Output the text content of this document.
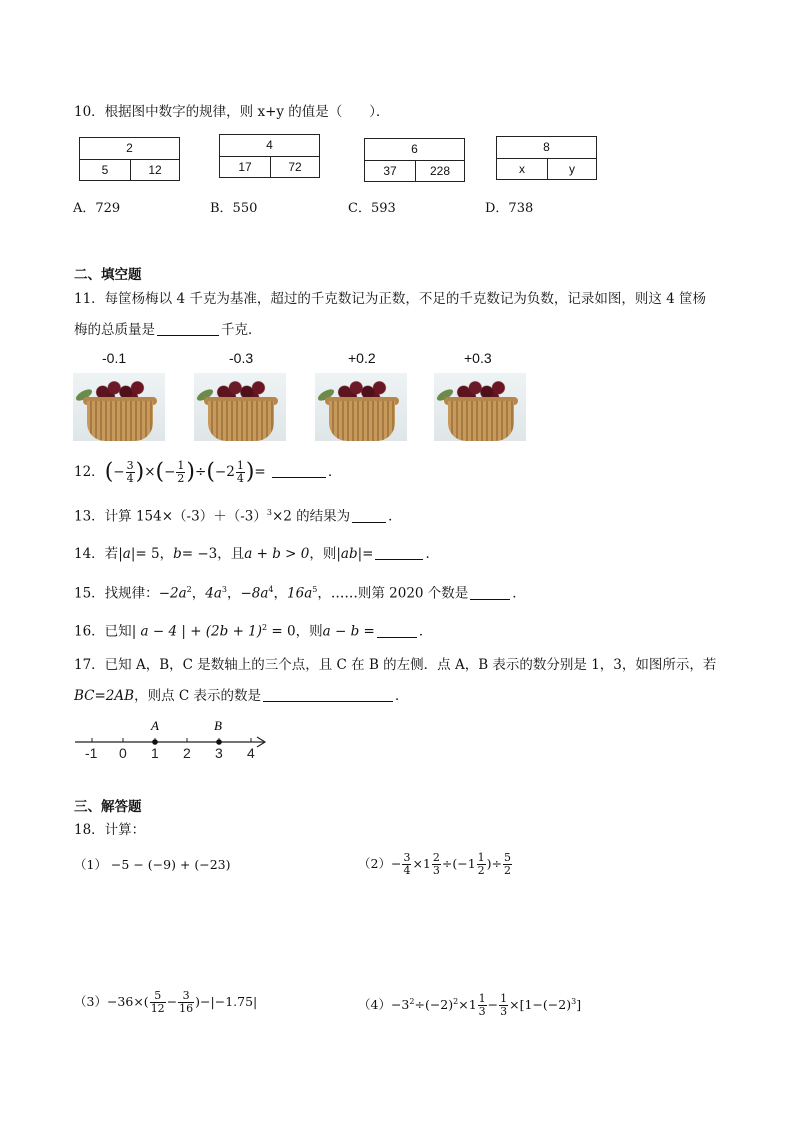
10．根据图中数字的规律，则 x+y 的值是（　　）．
2
5	12
4
17	72
6
37	228
8
x	y
A．729	B．550	C．593	D．738
二、填空题
11．每筐杨梅以 4 千克为基准，超过的千克数记为正数，不足的千克数记为负数，记录如图，则这 4 筐杨
梅的总质量是	千克．
-0.1	-0.3	+0.2	+0.3
12．(− $\frac{3}{4}$ )×(− $\frac{1}{2} )\div(-2 \frac{1}{4}$ )=	．
13．计算 $154\times(-3)+(-3)^3\times 2$ 的结果为	．
14．若|a|= 5，b= −3，且a + b > 0，则|ab|=	．
15．找规律：$-2a^2$，$4a^3$，$-8a^4$，$16a^5$，……则第 2020 个数是	．
16．已知| a − 4 | + $(2b + 1)^2 = 0$，则a − b =	．
17．已知 A，B，C 是数轴上的三个点，且 C 在 B 的左侧．点 A，B 表示的数分别是 1，3，如图所示，若
BC=2AB，则点 C 表示的数是	．
-1 0 1 2 3 4
A	B
三、解答题
18．计算：
（1） −5 − (−9) + (−23)	$(2)- \frac{3}{4} \times 1 \frac{2}{3} \div(-1 \frac{1}{2}$ )÷ $\frac{5}{2}$
$(3)-36\times( \frac{5}{12} - \frac{3}{16} )-|-1.75|$	$(4)-3^2\div(-2)^2\times 1 \frac{1}{3} - \frac{1}{3} \times[1-(-2)^3]$
